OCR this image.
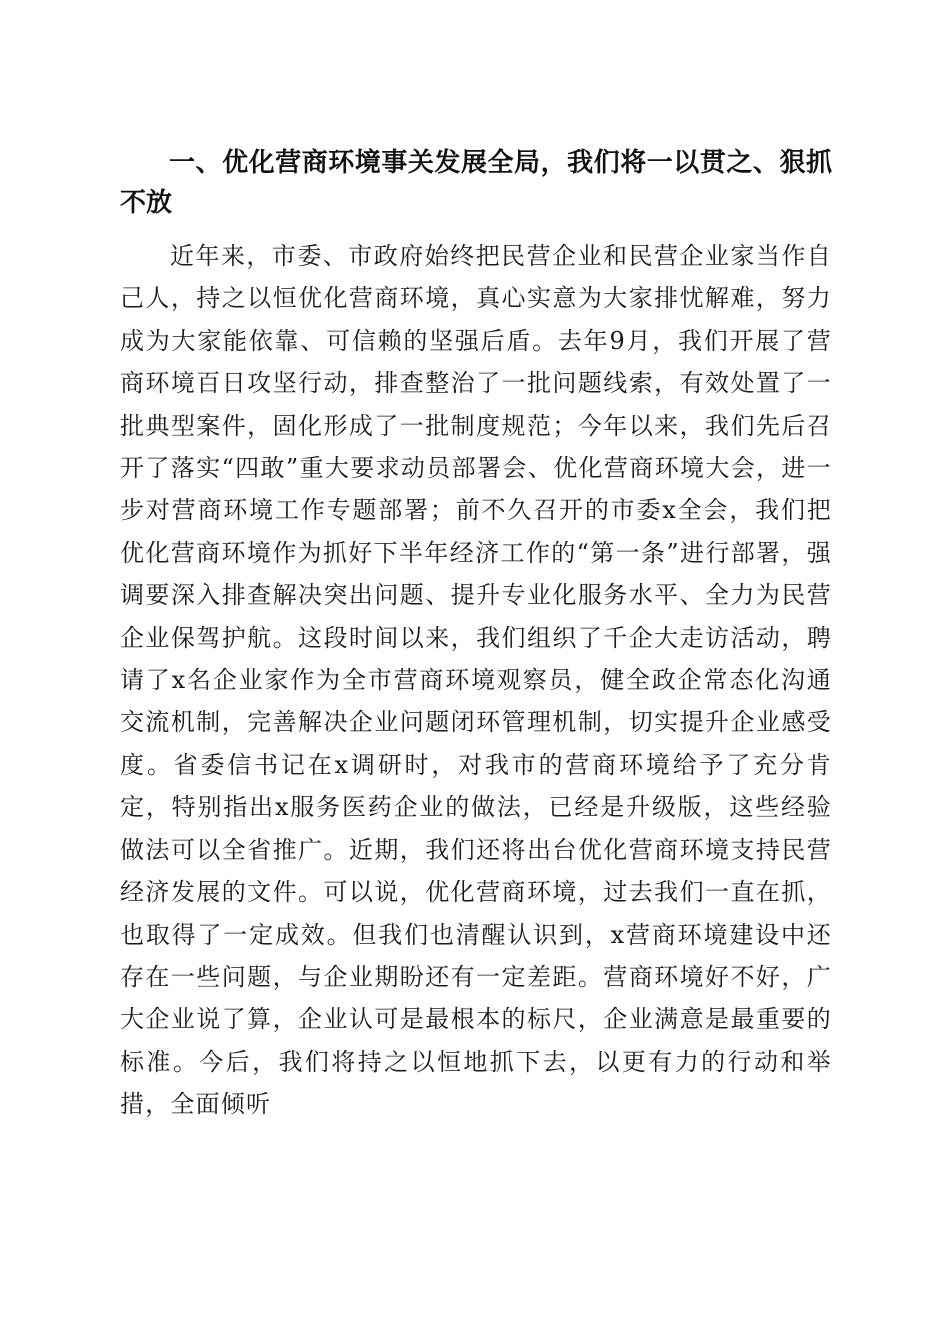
一、优化营商环境事关发展全局，我们将一以贯之、狠抓不放

近年来，市委、市政府始终把民营企业和民营企业家当作自己人，持之以恒优化营商环境，真心实意为大家排忧解难，努力成为大家能依靠、可信赖的坚强后盾。去年9月，我们开展了营商环境百日攻坚行动，排查整治了一批问题线索，有效处置了一批典型案件，固化形成了一批制度规范；今年以来，我们先后召开了落实“四敢”重大要求动员部署会、优化营商环境大会，进一步对营商环境工作专题部署；前不久召开的市委x全会，我们把优化营商环境作为抓好下半年经济工作的“第一条”进行部署，强调要深入排查解决突出问题、提升专业化服务水平、全力为民营企业保驾护航。这段时间以来，我们组织了千企大走访活动，聘请了x名企业家作为全市营商环境观察员，健全政企常态化沟通交流机制，完善解决企业问题闭环管理机制，切实提升企业感受度。省委信书记在x调研时，对我市的营商环境给予了充分肯定，特别指出x服务医药企业的做法，已经是升级版，这些经验做法可以全省推广。近期，我们还将出台优化营商环境支持民营经济发展的文件。可以说，优化营商环境，过去我们一直在抓，也取得了一定成效。但我们也清醒认识到，x营商环境建设中还存在一些问题，与企业期盼还有一定差距。营商环境好不好，广大企业说了算，企业认可是最根本的标尺，企业满意是最重要的标准。今后，我们将持之以恒地抓下去，以更有力的行动和举措，全面倾听
